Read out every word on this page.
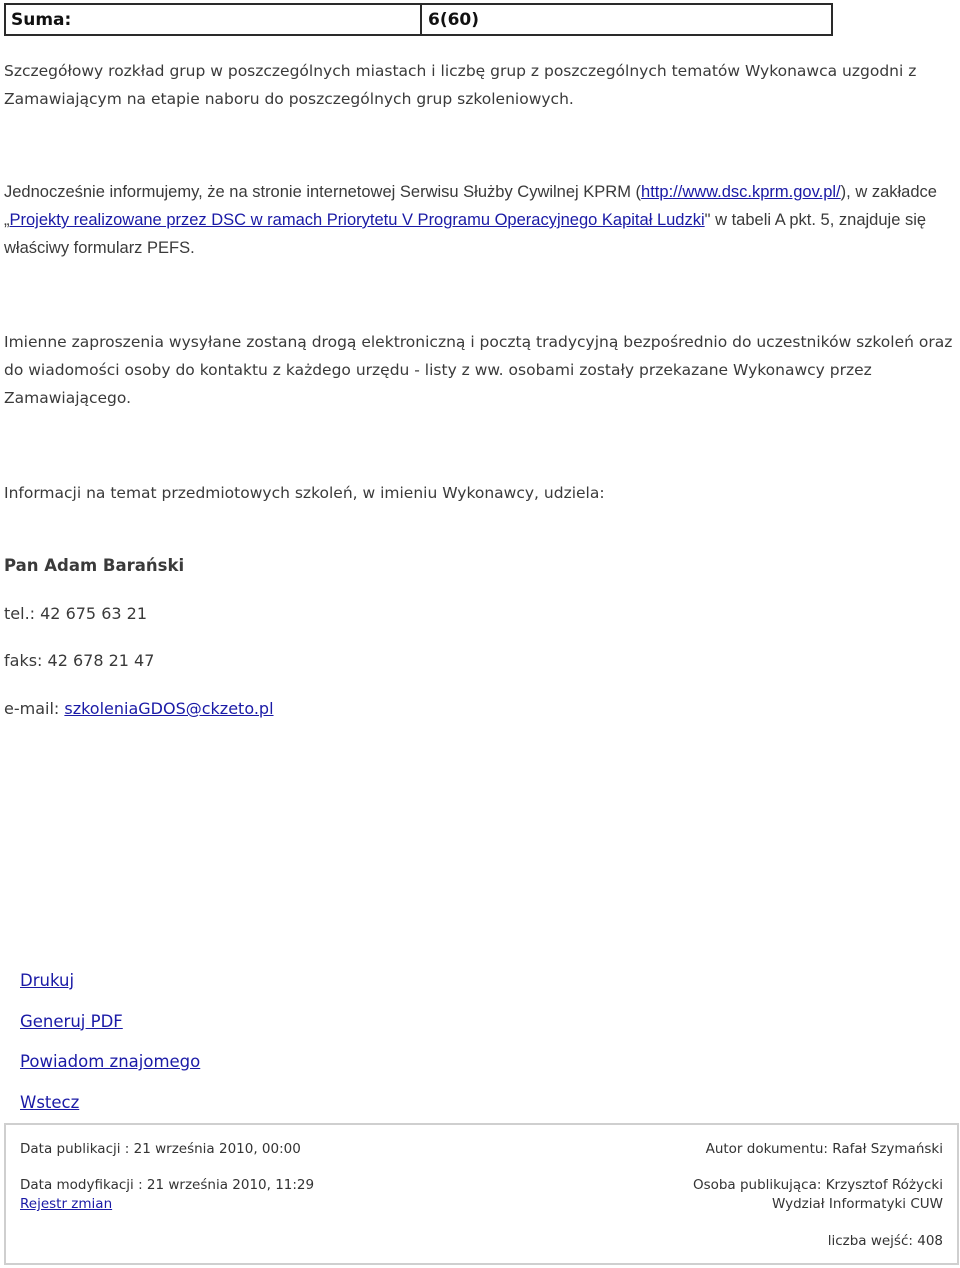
Suma:	6(60)
Szczegółowy rozkład grup w poszczególnych miastach i liczbę grup z poszczególnych tematów Wykonawca uzgodni z Zamawiającym na etapie naboru do poszczególnych grup szkoleniowych.
Jednocześnie informujemy, że na stronie internetowej Serwisu Służby Cywilnej KPRM (http://www.dsc.kprm.gov.pl/), w zakładce „Projekty realizowane przez DSC w ramach Priorytetu V Programu Operacyjnego Kapitał Ludzki" w tabeli A pkt. 5, znajduje się właściwy formularz PEFS.
Imienne zaproszenia wysyłane zostaną drogą elektroniczną i pocztą tradycyjną bezpośrednio do uczestników szkoleń oraz do wiadomości osoby do kontaktu z każdego urzędu - listy z ww. osobami zostały przekazane Wykonawcy przez Zamawiającego.
Informacji na temat przedmiotowych szkoleń, w imieniu Wykonawcy, udziela:
Pan Adam Barański
tel.: 42 675 63 21
faks: 42 678 21 47
e-mail: szkoleniaGDOS@ckzeto.pl
Drukuj
Generuj PDF
Powiadom znajomego
Wstecz
Data publikacji : 21 września 2010, 00:00	Autor dokumentu: Rafał Szymański
Data modyfikacji : 21 września 2010, 11:29	Osoba publikująca: Krzysztof Różycki
Rejestr zmian	Wydział Informatyki CUW
liczba wejść: 408
